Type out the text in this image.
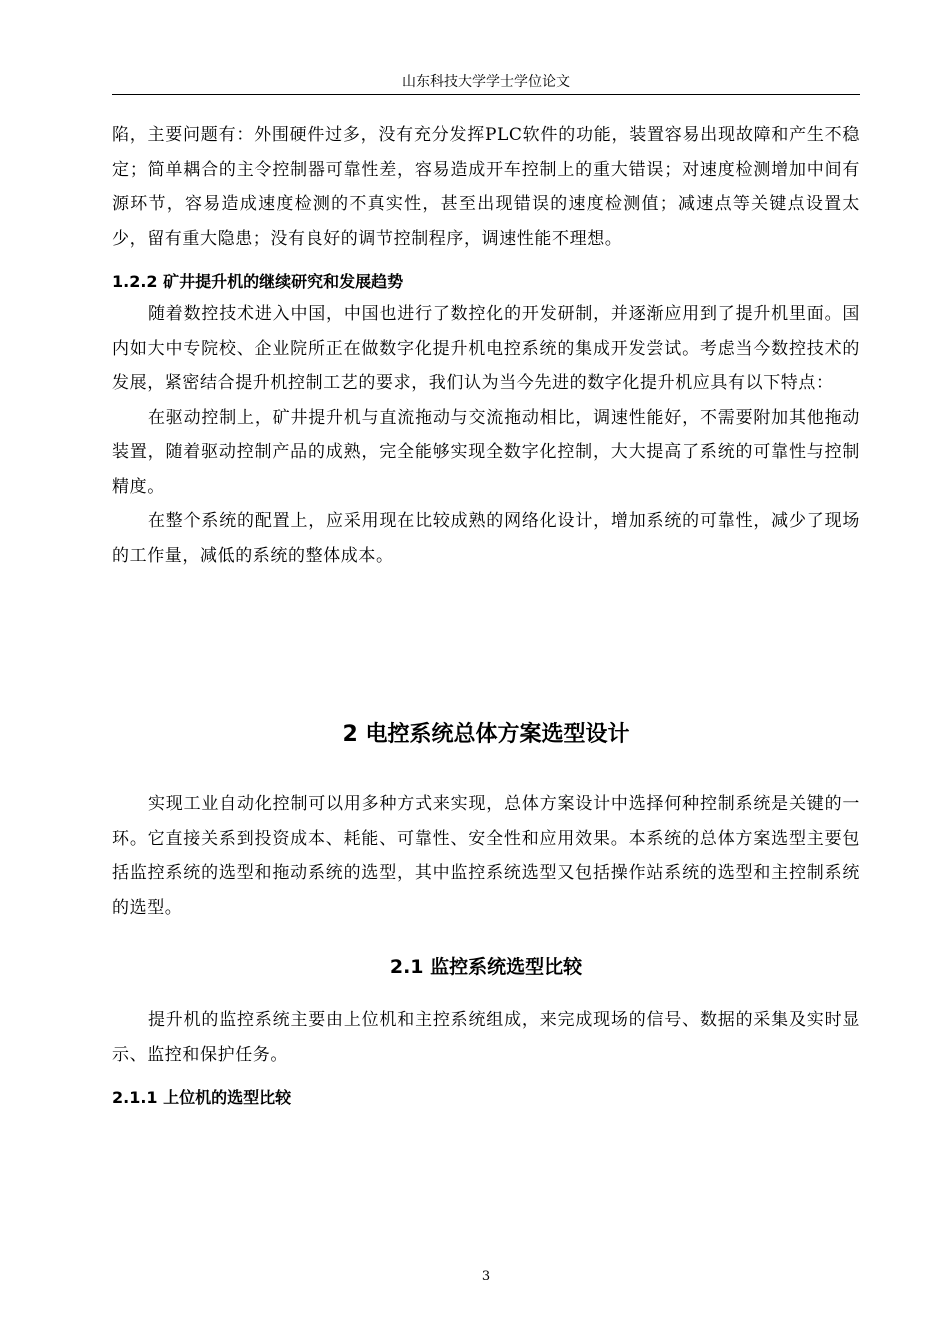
山东科技大学学士学位论文

陷，主要问题有：外围硬件过多，没有充分发挥PLC软件的功能，装置容易出现故障和产生不稳定；简单耦合的主令控制器可靠性差，容易造成开车控制上的重大错误；对速度检测增加中间有源环节，容易造成速度检测的不真实性，甚至出现错误的速度检测值；减速点等关键点设置太少，留有重大隐患；没有良好的调节控制程序，调速性能不理想。

1.2.2 矿井提升机的继续研究和发展趋势

随着数控技术进入中国，中国也进行了数控化的开发研制，并逐渐应用到了提升机里面。国内如大中专院校、企业院所正在做数字化提升机电控系统的集成开发尝试。考虑当今数控技术的发展，紧密结合提升机控制工艺的要求，我们认为当今先进的数字化提升机应具有以下特点：

在驱动控制上，矿井提升机与直流拖动与交流拖动相比，调速性能好，不需要附加其他拖动装置，随着驱动控制产品的成熟，完全能够实现全数字化控制，大大提高了系统的可靠性与控制精度。

在整个系统的配置上，应采用现在比较成熟的网络化设计，增加系统的可靠性，减少了现场的工作量，减低的系统的整体成本。

2 电控系统总体方案选型设计

实现工业自动化控制可以用多种方式来实现，总体方案设计中选择何种控制系统是关键的一环。它直接关系到投资成本、耗能、可靠性、安全性和应用效果。本系统的总体方案选型主要包括监控系统的选型和拖动系统的选型，其中监控系统选型又包括操作站系统的选型和主控制系统的选型。

2.1 监控系统选型比较

提升机的监控系统主要由上位机和主控系统组成，来完成现场的信号、数据的采集及实时显示、监控和保护任务。

2.1.1 上位机的选型比较

3
